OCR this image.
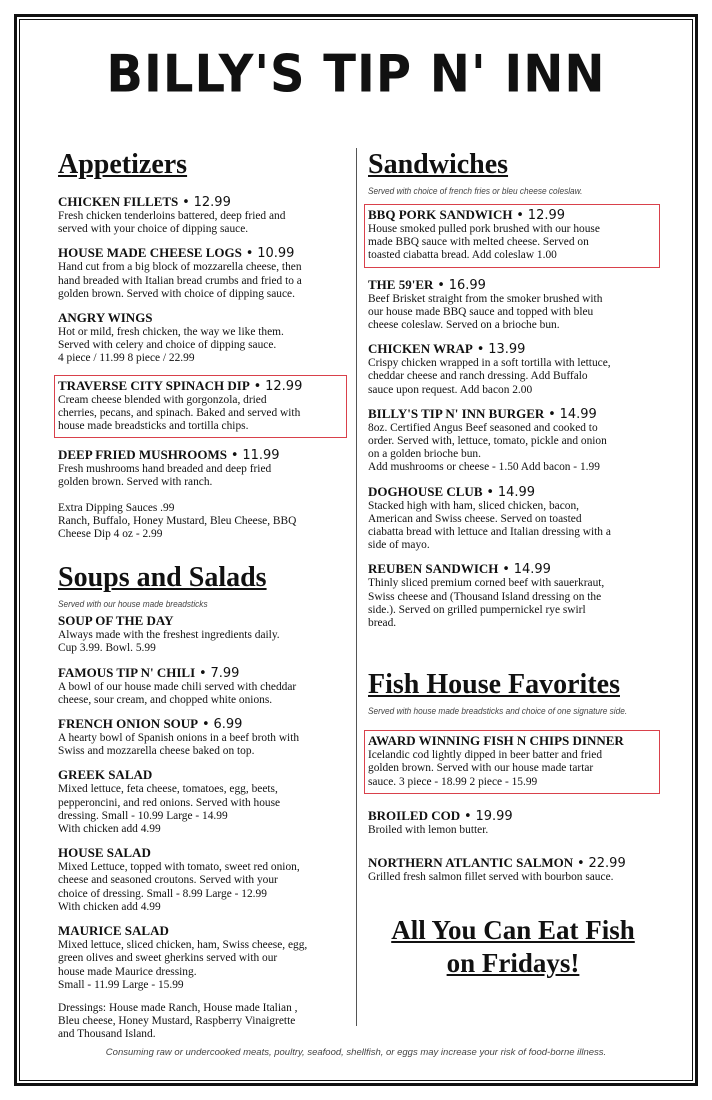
BILLY'S TIP N' INN
Appetizers
CHICKEN FILLETS • 12.99
Fresh chicken tenderloins battered, deep fried and
served with your choice of dipping sauce.
HOUSE MADE CHEESE LOGS • 10.99
Hand cut from a big block of mozzarella cheese, then
hand breaded with Italian bread crumbs and fried to a
golden brown. Served with choice of dipping sauce.
ANGRY WINGS
Hot or mild, fresh chicken, the way we like them.
Served with celery and choice of dipping sauce.
4 piece / 11.99 8 piece / 22.99
TRAVERSE CITY SPINACH DIP • 12.99
Cream cheese blended with gorgonzola, dried
cherries, pecans, and spinach. Baked and served with
house made breadsticks and tortilla chips.
DEEP FRIED MUSHROOMS • 11.99
Fresh mushrooms hand breaded and deep fried
golden brown. Served with ranch.
Extra Dipping Sauces .99
Ranch, Buffalo, Honey Mustard, Bleu Cheese, BBQ
Cheese Dip 4 oz - 2.99
Soups and Salads
Served with our house made breadsticks
SOUP OF THE DAY
Always made with the freshest ingredients daily.
Cup 3.99. Bowl. 5.99
FAMOUS TIP N' CHILI • 7.99
A bowl of our house made chili served with cheddar
cheese, sour cream, and chopped white onions.
FRENCH ONION SOUP • 6.99
A hearty bowl of Spanish onions in a beef broth with
Swiss and mozzarella cheese baked on top.
GREEK SALAD
Mixed lettuce, feta cheese, tomatoes, egg, beets,
pepperoncini, and red onions. Served with house
dressing. Small - 10.99 Large - 14.99
With chicken add 4.99
HOUSE SALAD
Mixed Lettuce, topped with tomato, sweet red onion,
cheese and seasoned croutons. Served with your
choice of dressing. Small - 8.99 Large - 12.99
With chicken add 4.99
MAURICE SALAD
Mixed lettuce, sliced chicken, ham, Swiss cheese, egg,
green olives and sweet gherkins served with our
house made Maurice dressing.
Small - 11.99 Large - 15.99
Dressings: House made Ranch, House made Italian ,
Bleu cheese, Honey Mustard, Raspberry Vinaigrette
and Thousand Island.
Sandwiches
Served with choice of french fries or bleu cheese coleslaw.
BBQ PORK SANDWICH • 12.99
House smoked pulled pork brushed with our house
made BBQ sauce with melted cheese. Served on
toasted ciabatta bread. Add coleslaw 1.00
THE 59'ER • 16.99
Beef Brisket straight from the smoker brushed with
our house made BBQ sauce and topped with bleu
cheese coleslaw. Served on a brioche bun.
CHICKEN WRAP • 13.99
Crispy chicken wrapped in a soft tortilla with lettuce,
cheddar cheese and ranch dressing. Add Buffalo
sauce upon request. Add bacon 2.00
BILLY'S TIP N' INN BURGER • 14.99
8oz. Certified Angus Beef seasoned and cooked to
order. Served with, lettuce, tomato, pickle and onion
on a golden brioche bun.
Add mushrooms or cheese - 1.50 Add bacon - 1.99
DOGHOUSE CLUB • 14.99
Stacked high with ham, sliced chicken, bacon,
American and Swiss cheese. Served on toasted
ciabatta bread with lettuce and Italian dressing with a
side of mayo.
REUBEN SANDWICH • 14.99
Thinly sliced premium corned beef with sauerkraut,
Swiss cheese and (Thousand Island dressing on the
side.). Served on grilled pumpernickel rye swirl
bread.
Fish House Favorites
Served with house made breadsticks and choice of one signature side.
AWARD WINNING FISH N CHIPS DINNER
Icelandic cod lightly dipped in beer batter and fried
golden brown. Served with our house made tartar
sauce. 3 piece - 18.99 2 piece - 15.99
BROILED COD • 19.99
Broiled with lemon butter.
NORTHERN ATLANTIC SALMON • 22.99
Grilled fresh salmon fillet served with bourbon sauce.
All You Can Eat Fish
on Fridays!
Consuming raw or undercooked meats, poultry, seafood, shellfish, or eggs may increase your risk of food-borne illness.
